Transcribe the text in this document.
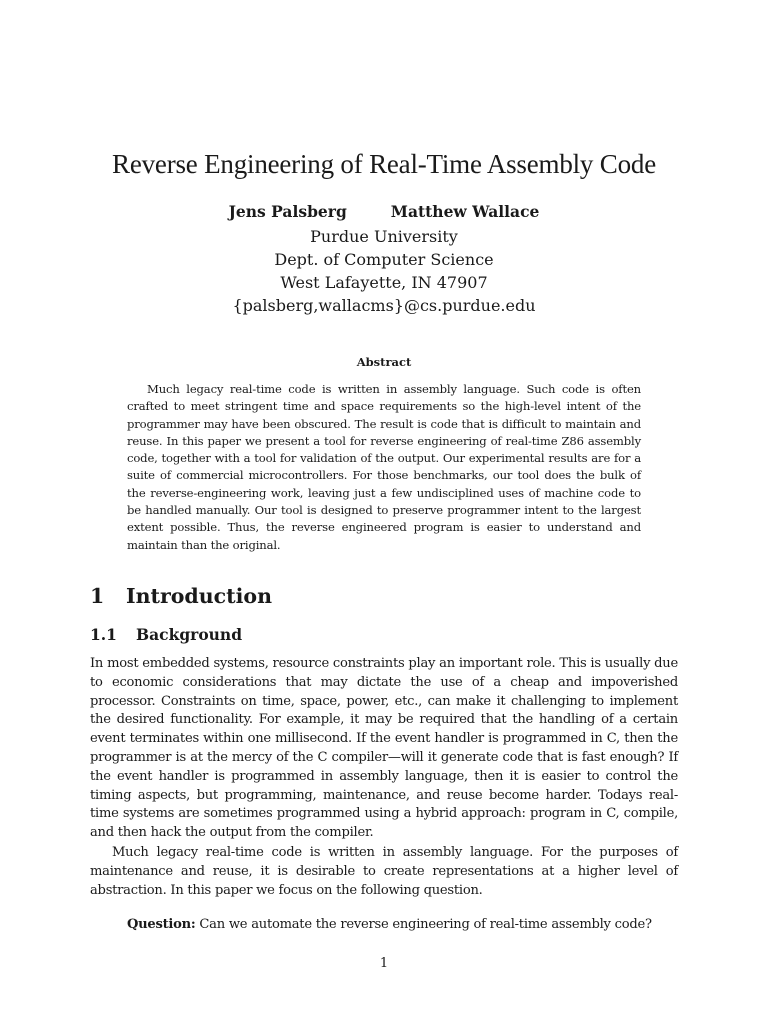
Reverse Engineering of Real-Time Assembly Code
Jens Palsberg	Matthew Wallace
Purdue University
Dept. of Computer Science
West Lafayette, IN 47907
{palsberg,wallacms}@cs.purdue.edu
Abstract
Much legacy real-time code is written in assembly language. Such code is often crafted to meet stringent time and space requirements so the high-level intent of the programmer may have been obscured. The result is code that is difficult to maintain and reuse. In this paper we present a tool for reverse engineering of real-time Z86 assembly code, together with a tool for validation of the output. Our experimental results are for a suite of commercial microcontrollers. For those benchmarks, our tool does the bulk of the reverse-engineering work, leaving just a few undisciplined uses of machine code to be handled manually. Our tool is designed to preserve programmer intent to the largest extent possible. Thus, the reverse engineered program is easier to understand and maintain than the original.
1 Introduction
1.1 Background
In most embedded systems, resource constraints play an important role. This is usually due to economic considerations that may dictate the use of a cheap and impoverished processor. Constraints on time, space, power, etc., can make it challenging to implement the desired functionality. For example, it may be required that the handling of a certain event terminates within one millisecond. If the event handler is programmed in C, then the programmer is at the mercy of the C compiler—will it generate code that is fast enough? If the event handler is programmed in assembly language, then it is easier to control the timing aspects, but programming, maintenance, and reuse become harder. Todays real-time systems are sometimes programmed using a hybrid approach: program in C, compile, and then hack the output from the compiler.
Much legacy real-time code is written in assembly language. For the purposes of maintenance and reuse, it is desirable to create representations at a higher level of abstraction. In this paper we focus on the following question.
Question: Can we automate the reverse engineering of real-time assembly code?
1
